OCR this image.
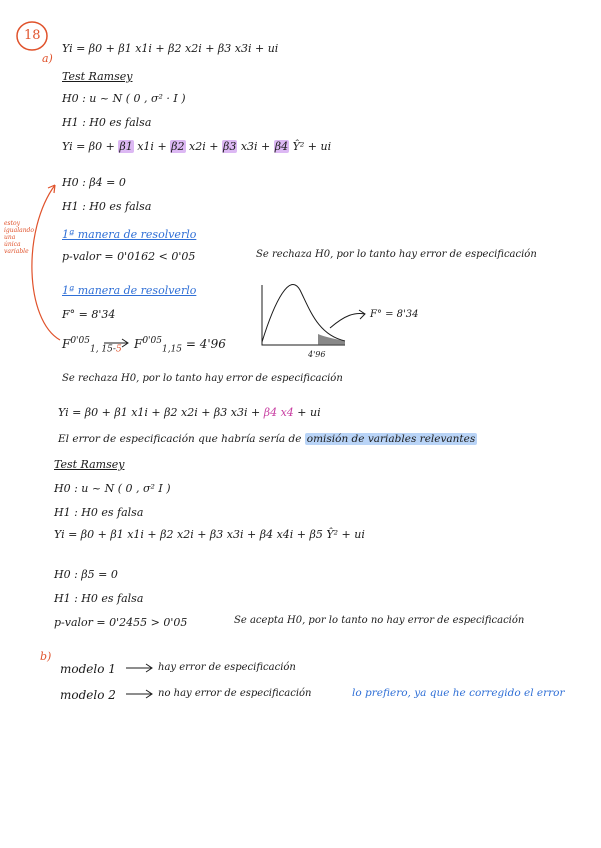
18
a)
Yi = β0 + β1 x1i + β2 x2i + β3 x3i + ui
Test Ramsey
H0 : u ~ N ( 0 , σ² · I )
H1 : H0 es falsa
Yi = β0 + β1 x1i + β2 x2i + β3 x3i + β4 Ŷ² + ui
H0 : β4 = 0
H1 : H0 es falsa
estoy igualando una única variable
1ª manera de resolverlo
p-valor = 0'0162 < 0'05	Se rechaza H0, por lo tanto hay error de especificación
1ª manera de resolverlo
F° = 8'34
$F^{0'05}_{1, 15-5}$ $F^{0'05}_{1,15} = 4'96$
F° = 8'34
4'96
Se rechaza H0, por lo tanto hay error de especificación
Yi = β0 + β1 x1i + β2 x2i + β3 x3i + β4 x4 + ui
El error de especificación que habría sería de omisión de variables relevantes
Test Ramsey
H0 : u ~ N ( 0 , σ² I )
H1 : H0 es falsa
Yi = β0 + β1 x1i + β2 x2i + β3 x3i + β4 x4i + β5 Ŷ² + ui
H0 : β5 = 0
H1 : H0 es falsa
p-valor = 0'2455 > 0'05	Se acepta H0, por lo tanto no hay error de especificación
b)
modelo 1	hay error de especificación
modelo 2	no hay error de especificación	lo prefiero, ya que he corregido el error
